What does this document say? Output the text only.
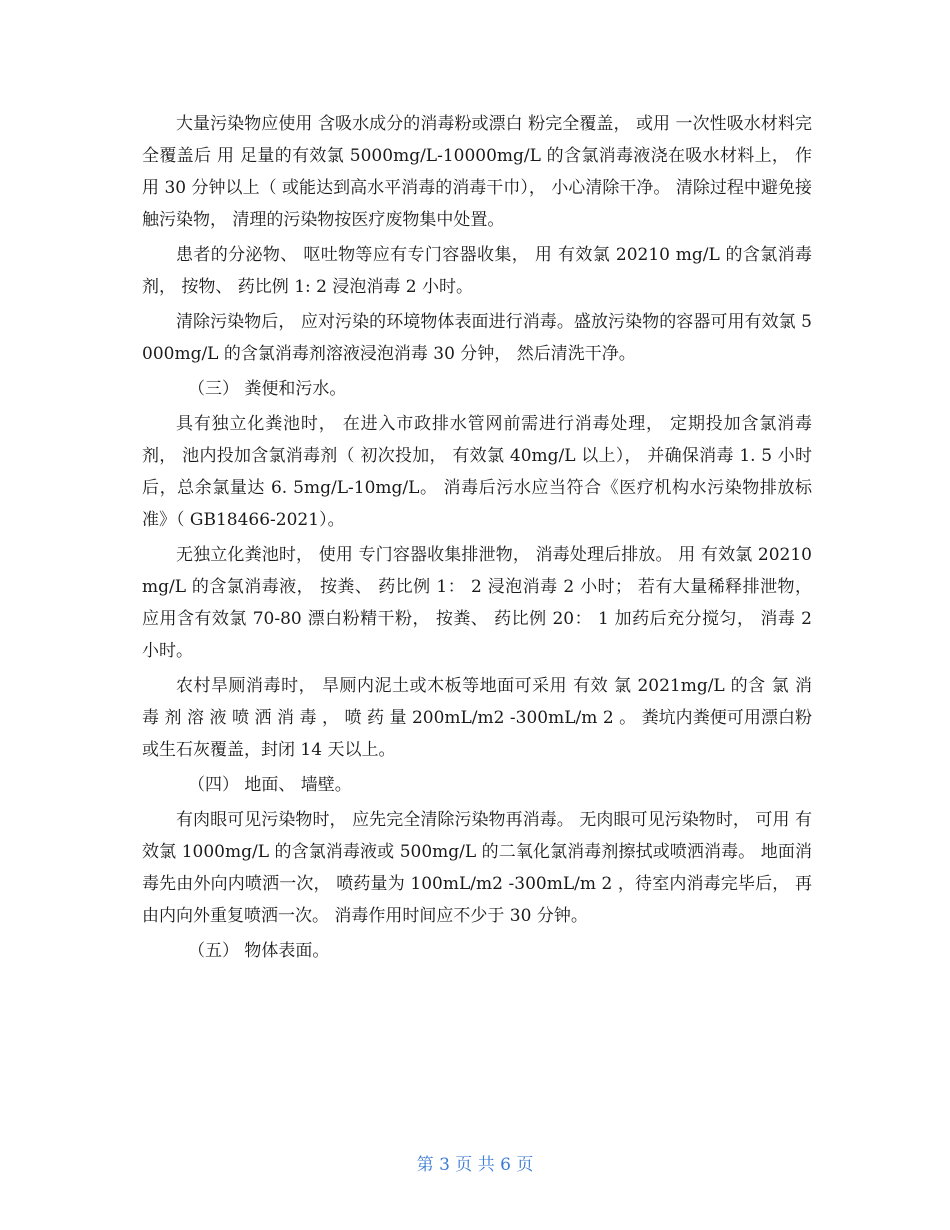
大量污染物应使用 含吸水成分的消毒粉或漂白 粉完全覆盖， 或用 一次性吸水材料完全覆盖后 用 足量的有效氯 5000mg/L-10000mg/L 的含氯消毒液浇在吸水材料上， 作用 30 分钟以上（ 或能达到高水平消毒的消毒干巾）， 小心清除干净。 清除过程中避免接触污染物， 清理的污染物按医疗废物集中处置。

患者的分泌物、 呕吐物等应有专门容器收集， 用 有效氯 20210 mg/L 的含氯消毒剂， 按物、 药比例 1: 2 浸泡消毒 2 小时。

清除污染物后， 应对污染的环境物体表面进行消毒。盛放污染物的容器可用有效氯 5000mg/L 的含氯消毒剂溶液浸泡消毒 30 分钟， 然后清洗干净。

（三） 粪便和污水。

具有独立化粪池时， 在进入市政排水管网前需进行消毒处理， 定期投加含氯消毒剂， 池内投加含氯消毒剂（ 初次投加， 有效氯 40mg/L 以上）， 并确保消毒 1. 5 小时后，总余氯量达 6. 5mg/L-10mg/L。 消毒后污水应当符合《医疗机构水污染物排放标准》（ GB18466-2021）。

无独立化粪池时， 使用 专门容器收集排泄物， 消毒处理后排放。 用 有效氯 20210mg/L 的含氯消毒液， 按粪、 药比例 1： 2 浸泡消毒 2 小时； 若有大量稀释排泄物， 应用含有效氯 70-80 漂白粉精干粉， 按粪、 药比例 20： 1 加药后充分搅匀， 消毒 2 小时。

农村旱厕消毒时， 旱厕内泥土或木板等地面可采用 有效 氯 2021mg/L 的含 氯 消 毒 剂 溶 液 喷 洒 消 毒 ， 喷 药 量 200mL/m2 -300mL/m 2 。 粪坑内粪便可用漂白粉或生石灰覆盖，封闭 14 天以上。

（四） 地面、 墙壁。

有肉眼可见污染物时， 应先完全清除污染物再消毒。 无肉眼可见污染物时， 可用 有效氯 1000mg/L 的含氯消毒液或 500mg/L 的二氧化氯消毒剂擦拭或喷洒消毒。 地面消毒先由外向内喷洒一次， 喷药量为 100mL/m2 -300mL/m 2 ，待室内消毒完毕后， 再由内向外重复喷洒一次。 消毒作用时间应不少于 30 分钟。

（五） 物体表面。

第 3 页 共 6 页
